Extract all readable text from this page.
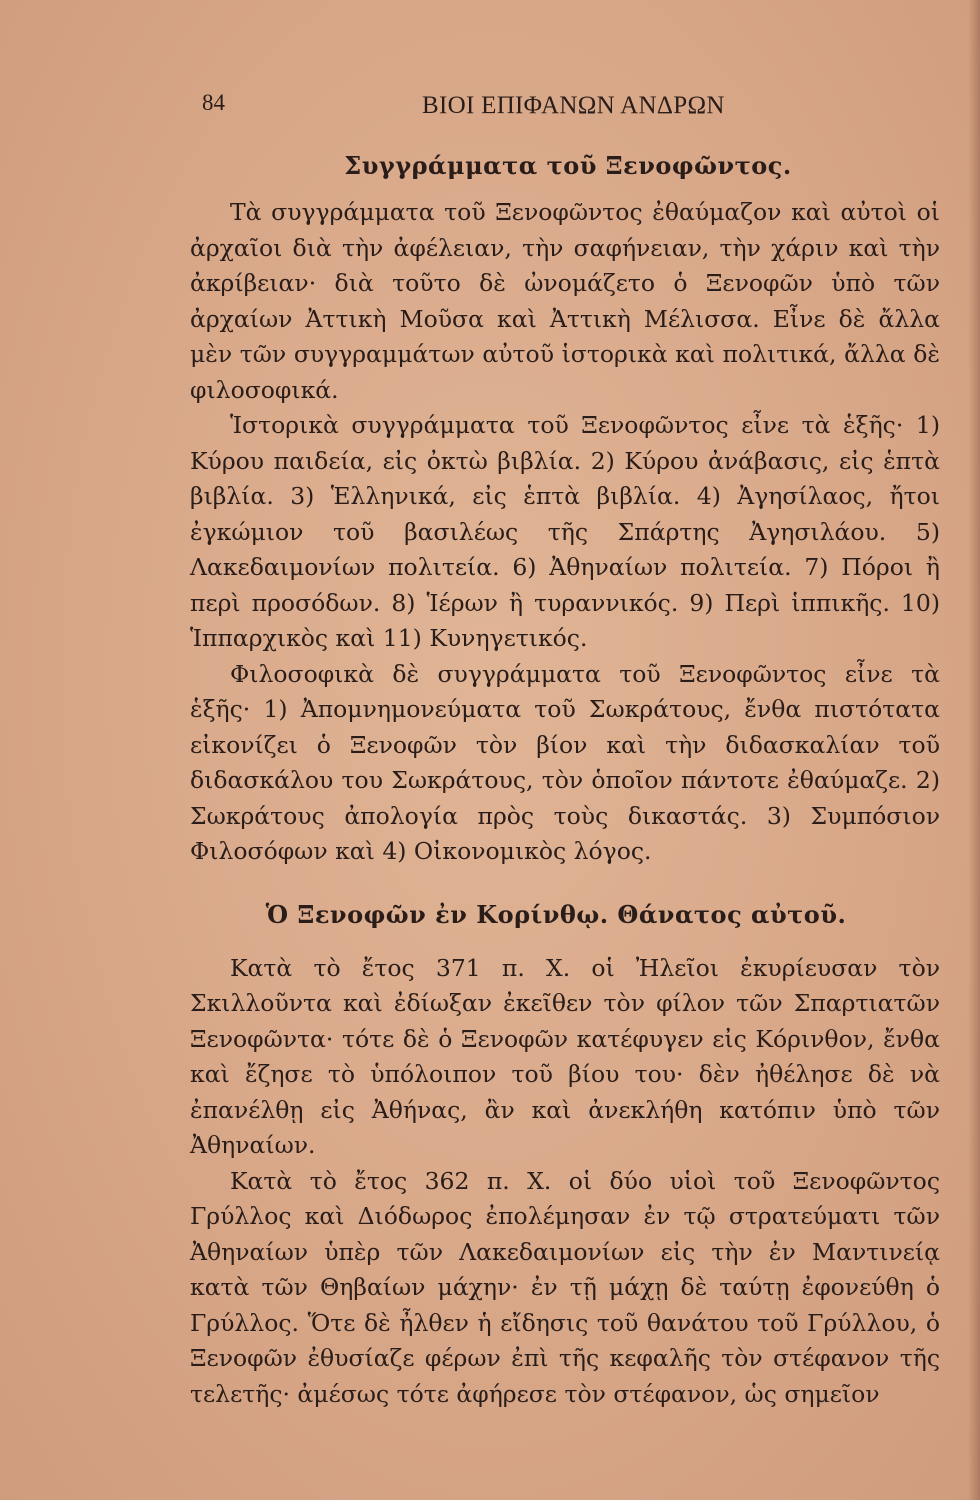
84	ΒΙΟΙ ΕΠΙΦΑΝΩΝ ΑΝΔΡΩΝ
Συγγράμματα τοῦ Ξενοφῶντος.

Τὰ συγγράμματα τοῦ Ξενοφῶντος ἐθαύμαζον καὶ αὐτοὶ οἱ ἀρχαῖοι διὰ τὴν ἀφέλειαν, τὴν σαφήνειαν, τὴν χάριν καὶ τὴν ἀκρίβειαν· διὰ τοῦτο δὲ ὠνομάζετο ὁ Ξενοφῶν ὑπὸ τῶν ἀρχαίων Ἀττικὴ Μοῦσα καὶ Ἀττικὴ Μέλισσα. Εἶνε δὲ ἄλλα μὲν τῶν συγγραμμάτων αὐτοῦ ἱστορικὰ καὶ πολιτικά, ἄλλα δὲ φιλοσοφικά.

Ἱστορικὰ συγγράμματα τοῦ Ξενοφῶντος εἶνε τὰ ἑξῆς· 1) Κύρου παιδεία, εἰς ὀκτὼ βιβλία. 2) Κύρου ἀνάβασις, εἰς ἑπτὰ βιβλία. 3) Ἑλληνικά, εἰς ἑπτὰ βιβλία. 4) Ἀγησίλαος, ἤτοι ἐγκώμιον τοῦ βασιλέως τῆς Σπάρτης Ἀγησιλάου. 5) Λακεδαιμονίων πολιτεία. 6) Ἀθηναίων πολιτεία. 7) Πόροι ἢ περὶ προσόδων. 8) Ἱέρων ἢ τυραννικός. 9) Περὶ ἱππικῆς. 10) Ἱππαρχικὸς καὶ 11) Κυνηγετικός.

Φιλοσοφικὰ δὲ συγγράμματα τοῦ Ξενοφῶντος εἶνε τὰ ἑξῆς· 1) Ἀπομνημονεύματα τοῦ Σωκράτους, ἔνθα πιστότατα εἰκονίζει ὁ Ξενοφῶν τὸν βίον καὶ τὴν διδασκαλίαν τοῦ διδασκάλου του Σωκράτους, τὸν ὁποῖον πάντοτε ἐθαύμαζε. 2) Σωκράτους ἀπολογία πρὸς τοὺς δικαστάς. 3) Συμπόσιον Φιλοσόφων καὶ 4) Οἰκονομικὸς λόγος.

Ὁ Ξενοφῶν ἐν Κορίνθῳ. Θάνατος αὐτοῦ.

Κατὰ τὸ ἔτος 371 π. Χ. οἱ Ἠλεῖοι ἐκυρίευσαν τὸν Σκιλλοῦντα καὶ ἐδίωξαν ἐκεῖθεν τὸν φίλον τῶν Σπαρτιατῶν Ξενοφῶντα· τότε δὲ ὁ Ξενοφῶν κατέφυγεν εἰς Κόρινθον, ἔνθα καὶ ἔζησε τὸ ὑπόλοιπον τοῦ βίου του· δὲν ἠθέλησε δὲ νὰ ἐπανέλθῃ εἰς Ἀθήνας, ἂν καὶ ἀνεκλήθη κατόπιν ὑπὸ τῶν Ἀθηναίων.

Κατὰ τὸ ἔτος 362 π. Χ. οἱ δύο υἱοὶ τοῦ Ξενοφῶντος Γρύλλος καὶ Διόδωρος ἐπολέμησαν ἐν τῷ στρατεύματι τῶν Ἀθηναίων ὑπὲρ τῶν Λακεδαιμονίων εἰς τὴν ἐν Μαντινείᾳ κατὰ τῶν Θηβαίων μάχην· ἐν τῇ μάχῃ δὲ ταύτῃ ἐφονεύθη ὁ Γρύλλος. Ὅτε δὲ ἦλθεν ἡ εἴδησις τοῦ θανάτου τοῦ Γρύλλου, ὁ Ξενοφῶν ἐθυσίαζε φέρων ἐπὶ τῆς κεφαλῆς τὸν στέφανον τῆς τελετῆς· ἀμέσως τότε ἀφήρεσε τὸν στέφανον, ὡς σημεῖον
